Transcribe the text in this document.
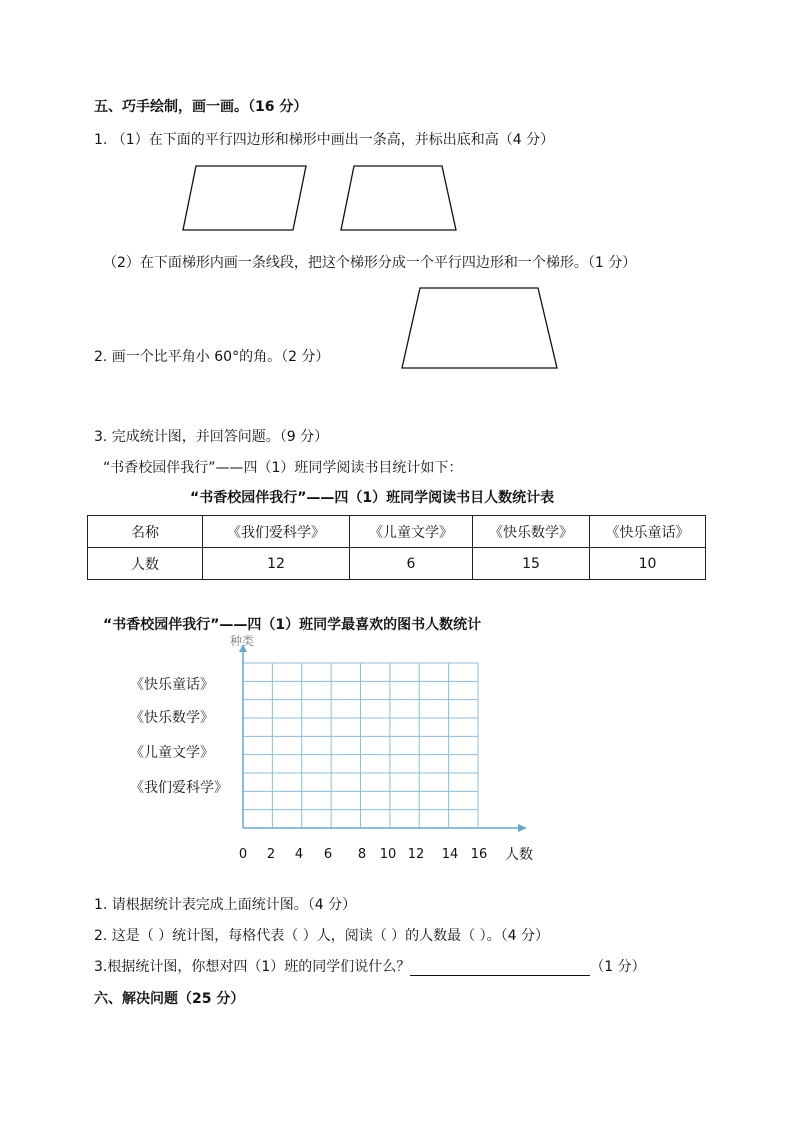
五、巧手绘制，画一画。（16 分）
1. （1）在下面的平行四边形和梯形中画出一条高，并标出底和高（4 分）
（2）在下面梯形内画一条线段，把这个梯形分成一个平行四边形和一个梯形。（1 分）
2. 画一个比平角小 60°的角。（2 分）
3. 完成统计图，并回答问题。（9 分）
“书香校园伴我行”——四（1）班同学阅读书目统计如下：
“书香校园伴我行”——四（1）班同学阅读书目人数统计表
名称	《我们爱科学》	《儿童文学》	《快乐数学》	《快乐童话》
人数	12	6	15	10
“书香校园伴我行”——四（1）班同学最喜欢的图书人数统计
《快乐童话》
《快乐数学》
《儿童文学》
《我们爱科学》
0 2 4 6 8 10 12 14 16
种类
人数
1. 请根据统计表完成上面统计图。（4 分）
2. 这是（ ）统计图，每格代表（ ）人，阅读（ ）的人数最（ ）。（4 分）
3.根据统计图，你想对四（1）班的同学们说什么？	（1 分）
六、解决问题（25 分）
